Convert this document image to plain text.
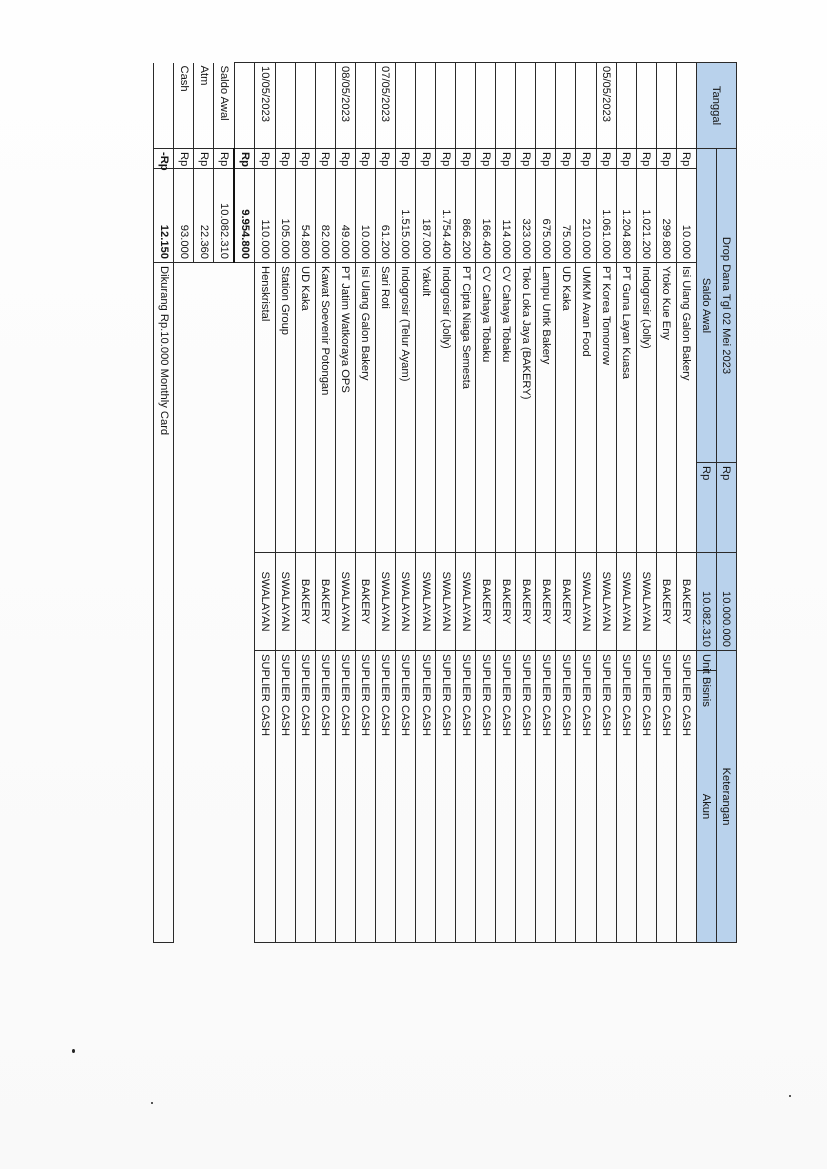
Tanggal	Drop Dana Tgl 02 Mei 2023			Rp	10.000.000	Keterangan		
	Saldo Awal			Rp	10.082.310		Akun	
	Rp	10.000	Isi Ulang Galon Bakery		BAKERY	SUPLIER CASH	
	Rp	299.800	Ytoko Kue Eny		BAKERY	SUPLIER CASH	
	Rp	1.021.200	Indogrosir (Jolly)		SWALAYAN	SUPLIER CASH	
	Rp	1.204.800	PT Guna Layan Kuasa		SWALAYAN	SUPLIER CASH	
05/05/2023	Rp	1.061.000	PT Korea Tomorrow		SWALAYAN	SUPLIER CASH	
	Rp	210.000	UMKM Avan Food		SWALAYAN	SUPLIER CASH	
	Rp	75.000	UD Kaka		BAKERY	SUPLIER CASH	
	Rp	675.000	Lampu Untk Bakery		BAKERY	SUPLIER CASH	
	Rp	323.000	Toko Loka Jaya (BAKERY)		BAKERY	SUPLIER CASH	
	Rp	114.000	CV Cahaya Tobaku		BAKERY	SUPLIER CASH	
	Rp	166.400	CV Cahaya Tobaku		BAKERY	SUPLIER CASH	
	Rp	866.200	PT Cipta Niaga Semesta		SWALAYAN	SUPLIER CASH	
	Rp	1.754.400	Indogrosir (Jolly)		SWALAYAN	SUPLIER CASH	
	Rp	187.000	Yakult		SWALAYAN	SUPLIER CASH	
	Rp	1.515.000	Indogrosir (Telur Ayam)		SWALAYAN	SUPLIER CASH	
07/05/2023	Rp	61.200	Sari Roti		SWALAYAN	SUPLIER CASH	
	Rp	10.000	Isi Ulang Galon Bakery		BAKERY	SUPLIER CASH	
08/05/2023	Rp	49.000	PT Jatim Watkoraya OPS		SWALAYAN	SUPLIER CASH	
	Rp	82.000	Kawat Soevenir Potongan		BAKERY	SUPLIER CASH	
	Rp	54.800	UD Kaka		BAKERY	SUPLIER CASH	
	Rp	105.000	Station Group		SWALAYAN	SUPLIER CASH	
10/05/2023	Rp	110.000	Henskristal		SWALAYAN	SUPLIER CASH	
	Rp	9.954.800						
Saldo Awal	Rp	10.082.310						
Atm	Rp	22.360						
Cash	Rp	93.000						
	-Rp	12.150	Dikurang Rp.10.000 Monthly Card					
